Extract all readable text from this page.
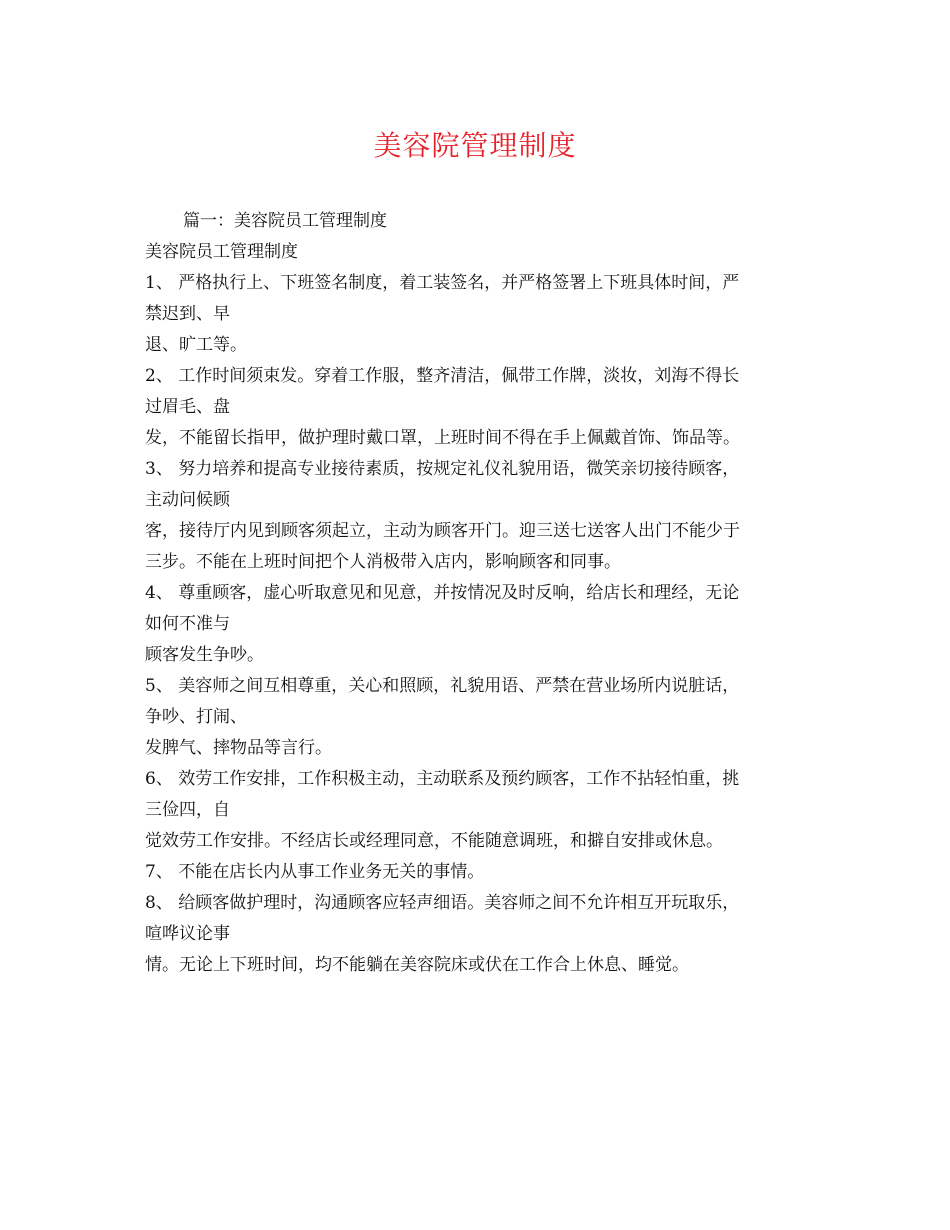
美容院管理制度
篇一：美容院员工管理制度
美容院员工管理制度
1、 严格执行上、下班签名制度，着工装签名，并严格签署上下班具体时间，严
禁迟到、早
退、旷工等。
2、 工作时间须束发。穿着工作服，整齐清洁，佩带工作牌，淡妆，刘海不得长
过眉毛、盘
发，不能留长指甲，做护理时戴口罩，上班时间不得在手上佩戴首饰、饰品等。
3、 努力培养和提高专业接待素质，按规定礼仪礼貌用语，微笑亲切接待顾客，
主动问候顾
客，接待厅内见到顾客须起立，主动为顾客开门。迎三送七送客人出门不能少于
三步。不能在上班时间把个人消极带入店内，影响顾客和同事。
4、 尊重顾客，虚心听取意见和见意，并按情况及时反响，给店长和理经，无论
如何不准与
顾客发生争吵。
5、 美容师之间互相尊重，关心和照顾，礼貌用语、严禁在营业场所内说脏话，
争吵、打闹、
发脾气、摔物品等言行。
6、 效劳工作安排，工作积极主动，主动联系及预约顾客，工作不拈轻怕重，挑
三俭四，自
觉效劳工作安排。不经店长或经理同意，不能随意调班，和擗自安排或休息。
7、 不能在店长内从事工作业务无关的事情。
8、 给顾客做护理时，沟通顾客应轻声细语。美容师之间不允许相互开玩取乐，
喧哗议论事
情。无论上下班时间，均不能躺在美容院床或伏在工作合上休息、睡觉。
